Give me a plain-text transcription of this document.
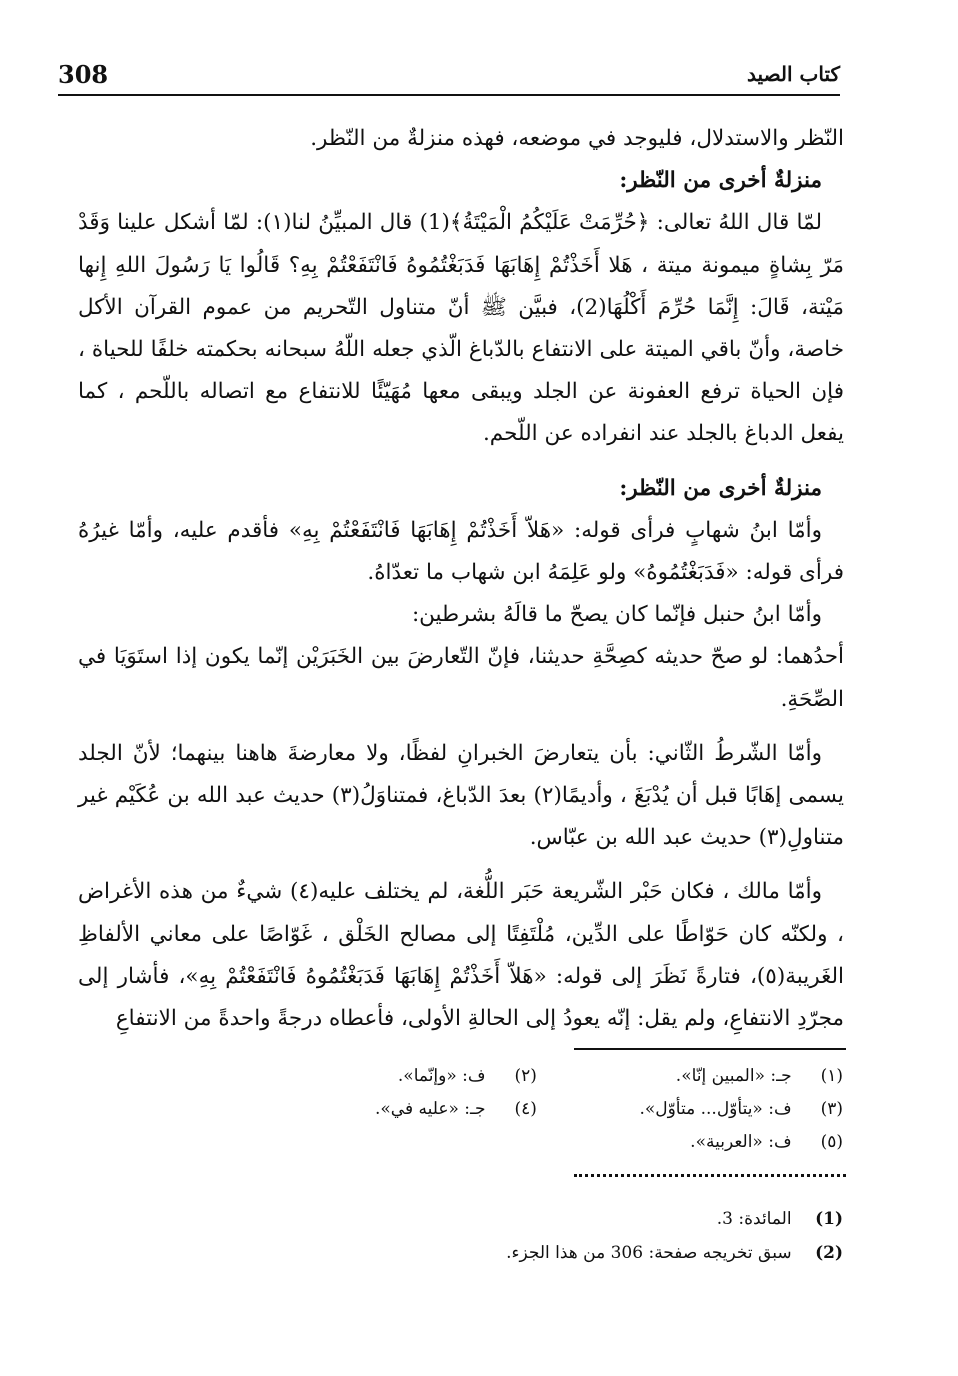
308	كتاب الصيد

النّظر والاستدلال، فليوجد في موضعه، فهذه منزلةٌ من النّظر.

منزلةٌ أخرى من النّظر:

لمّا قال اللهُ تعالى: ﴿حُرِّمَتْ عَلَيْكُمُ الْمَيْتَةُ﴾(1) قال المبيِّنُ لنا(١): لمّا أشكل علينا وَقَدْ مَرّ بِشاةٍ ميمونة ميتة ، هَلا أَخَذْتُمْ إِهَابَهَا فَدَبَغْتُمُوهُ فَانْتَفَعْتُمْ بِهِ؟ قَالُوا يَا رَسُولَ اللهِ إِنها مَيْتة، قَالَ: إِنَّمَا حُرِّمَ أَكْلُهَا(2)، فبيَّن ﷺ أنّ متناول التّحريم من عموم القرآن الأكل خاصة، وأنّ باقي الميتة على الانتفاع بالدّباغ الّذي جعله اللّهُ سبحانه بحكمته خلفًا للحياة ، فإن الحياة ترفع العفونة عن الجلد ويبقى معها مُهَيّئًا للانتفاع مع اتصاله باللّحم ، كما يفعل الدباغ بالجلد عند انفراده عن اللّحم.

منزلةٌ أخرى من النّظر:

وأمّا ابنُ شهابٍ فرأى قوله: «هَلاّ أَخَذْتُمْ إِهَابَهَا فَانْتَفَعْتُمْ بِهِ» فأقدم عليه، وأمّا غيرُهُ فرأى قوله: «فَدَبَغْتُمُوهُ» ولو عَلِمَهُ ابن شهاب ما تعدّاهُ.

وأمّا ابنُ حنبل فإنّما كان يصحّ ما قالَهُ بشرطين:

أحدُهما: لو صحّ حديثه كصِحَّةِ حديثنا، فإنّ التّعارضَ بين الخَبَرَيْن إنّما يكون إذا استَوَيَا في الصِّحَةِ.

وأمّا الشّرطُ الثّاني: بأن يتعارضَ الخبرانِ لفظًا، ولا معارضةَ هاهنا بينهما؛ لأنّ الجلد يسمى إهَابًا قبل أن يُدْبَغَ ، وأديمًا(٢) بعدَ الدّباغ، فمتناوَلُ(٣) حديث عبد الله بن عُكَيْم غير متناولِ(٣) حديث عبد الله بن عبّاس.

وأمّا مالك ، فكان حَبْر الشّريعة حَبَر اللُّغة، لم يختلف عليه(٤) شيءٌ من هذه الأغراض ، ولكنّه كان حَوّاطًا على الدِّين، مُلْتَفِتًا إلى مصالح الخَلْق ، غَوّاصًا على معاني الألفاظِ الغَريبة(٥)، فتارةً نَظَرَ إلى قوله: «هَلاّ أَخَذْتُمْ إِهَابَهَا فَدَبَغْتُمُوهُ فَانْتَفَعْتُمْ بِهِ»، فأشار إلى مجرّدِ الانتفاعِ، ولم يقل: إنّه يعودُ إلى الحالةِ الأولى، فأعطاه درجةً واحدةً من الانتفاعِ

(١) جـ: «المبين إنّا».
(٢) ف: «وإنّما».
(٣) ف: «يتأوّل... متأوّل».
(٤) جـ: «عليه في».
(٥) ف: «العربية».
(1) المائدة: 3.
(2) سبق تخريجه صفحة: 306 من هذا الجزء.
